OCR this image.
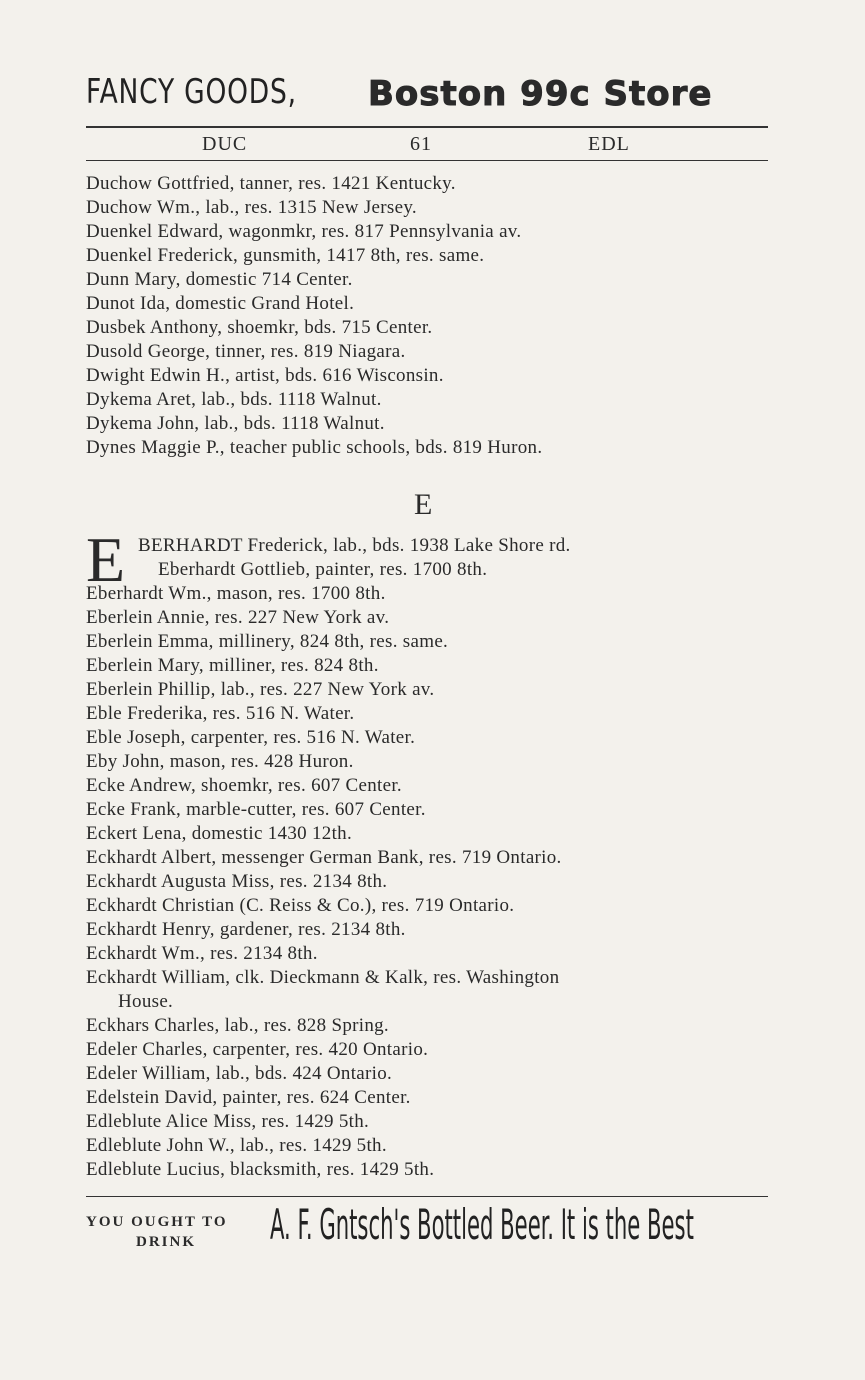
FANCY GOODS, Boston 99c Store
DUC	61	EDL
Duchow Gottfried, tanner, res. 1421 Kentucky.
Duchow Wm., lab., res. 1315 New Jersey.
Duenkel Edward, wagonmkr, res. 817 Pennsylvania av.
Duenkel Frederick, gunsmith, 1417 8th, res. same.
Dunn Mary, domestic 714 Center.
Dunot Ida, domestic Grand Hotel.
Dusbek Anthony, shoemkr, bds. 715 Center.
Dusold George, tinner, res. 819 Niagara.
Dwight Edwin H., artist, bds. 616 Wisconsin.
Dykema Aret, lab., bds. 1118 Walnut.
Dykema John, lab., bds. 1118 Walnut.
Dynes Maggie P., teacher public schools, bds. 819 Huron.
E
E BERHARDT Frederick, lab., bds. 1938 Lake Shore rd.
Eberhardt Gottlieb, painter, res. 1700 8th.
Eberhardt Wm., mason, res. 1700 8th.
Eberlein Annie, res. 227 New York av.
Eberlein Emma, millinery, 824 8th, res. same.
Eberlein Mary, milliner, res. 824 8th.
Eberlein Phillip, lab., res. 227 New York av.
Eble Frederika, res. 516 N. Water.
Eble Joseph, carpenter, res. 516 N. Water.
Eby John, mason, res. 428 Huron.
Ecke Andrew, shoemkr, res. 607 Center.
Ecke Frank, marble-cutter, res. 607 Center.
Eckert Lena, domestic 1430 12th.
Eckhardt Albert, messenger German Bank, res. 719 Ontario.
Eckhardt Augusta Miss, res. 2134 8th.
Eckhardt Christian (C. Reiss & Co.), res. 719 Ontario.
Eckhardt Henry, gardener, res. 2134 8th.
Eckhardt Wm., res. 2134 8th.
Eckhardt William, clk. Dieckmann & Kalk, res. Washington
House.
Eckhars Charles, lab., res. 828 Spring.
Edeler Charles, carpenter, res. 420 Ontario.
Edeler William, lab., bds. 424 Ontario.
Edelstein David, painter, res. 624 Center.
Edleblute Alice Miss, res. 1429 5th.
Edleblute John W., lab., res. 1429 5th.
Edleblute Lucius, blacksmith, res. 1429 5th.
YOU OUGHT TO
DRINK	A. F. Gntsch's Bottled Beer. It is the Best
